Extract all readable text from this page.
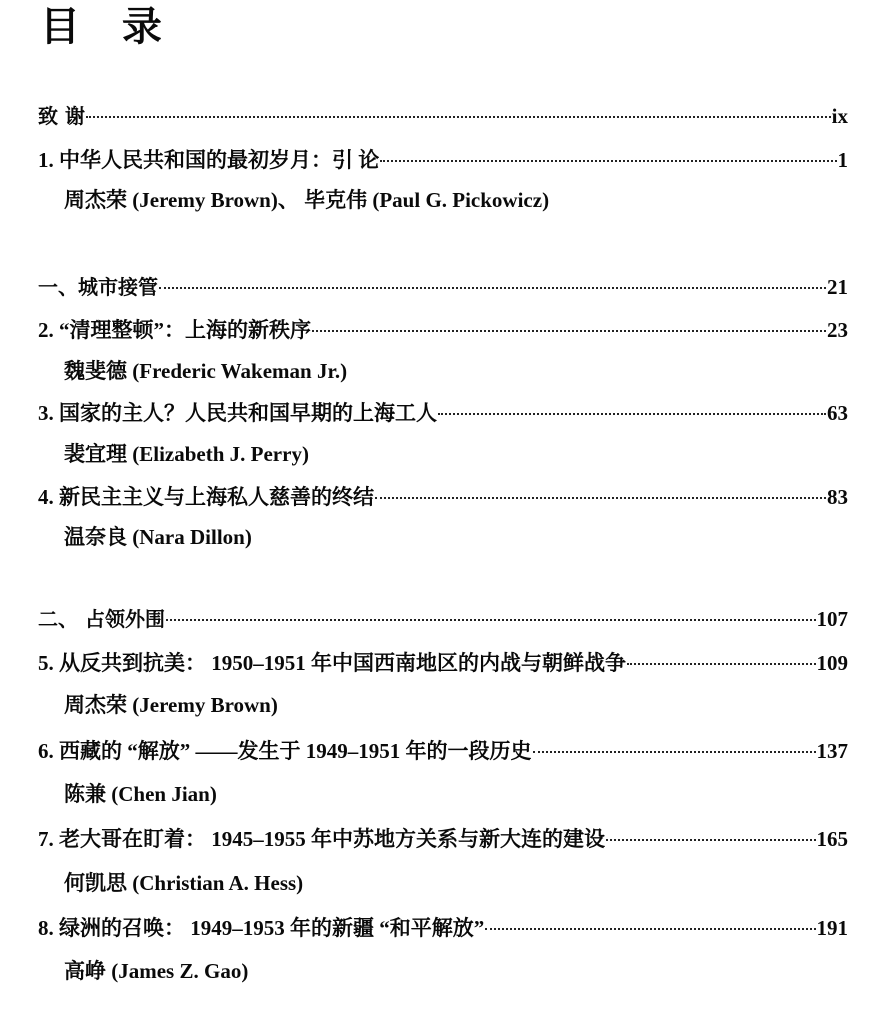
目 录
致 谢	ix
1. 中华人民共和国的最初岁月：引 论	1
周杰荣 (Jeremy Brown)、 毕克伟 (Paul G. Pickowicz)
一、城市接管	21
2. “清理整顿”：上海的新秩序	23
魏斐德 (Frederic Wakeman Jr.)
3. 国家的主人？人民共和国早期的上海工人	63
裴宜理 (Elizabeth J. Perry)
4. 新民主主义与上海私人慈善的终结	83
温奈良 (Nara Dillon)
二、 占领外围	107
5. 从反共到抗美： 1950–1951 年中国西南地区的内战与朝鲜战争	109
周杰荣 (Jeremy Brown)
6. 西藏的 “解放” ——发生于 1949–1951 年的一段历史	137
陈兼 (Chen Jian)
7. 老大哥在盯着： 1945–1955 年中苏地方关系与新大连的建设	165
何凯思 (Christian A. Hess)
8. 绿洲的召唤： 1949–1953 年的新疆 “和平解放”	191
高峥 (James Z. Gao)
